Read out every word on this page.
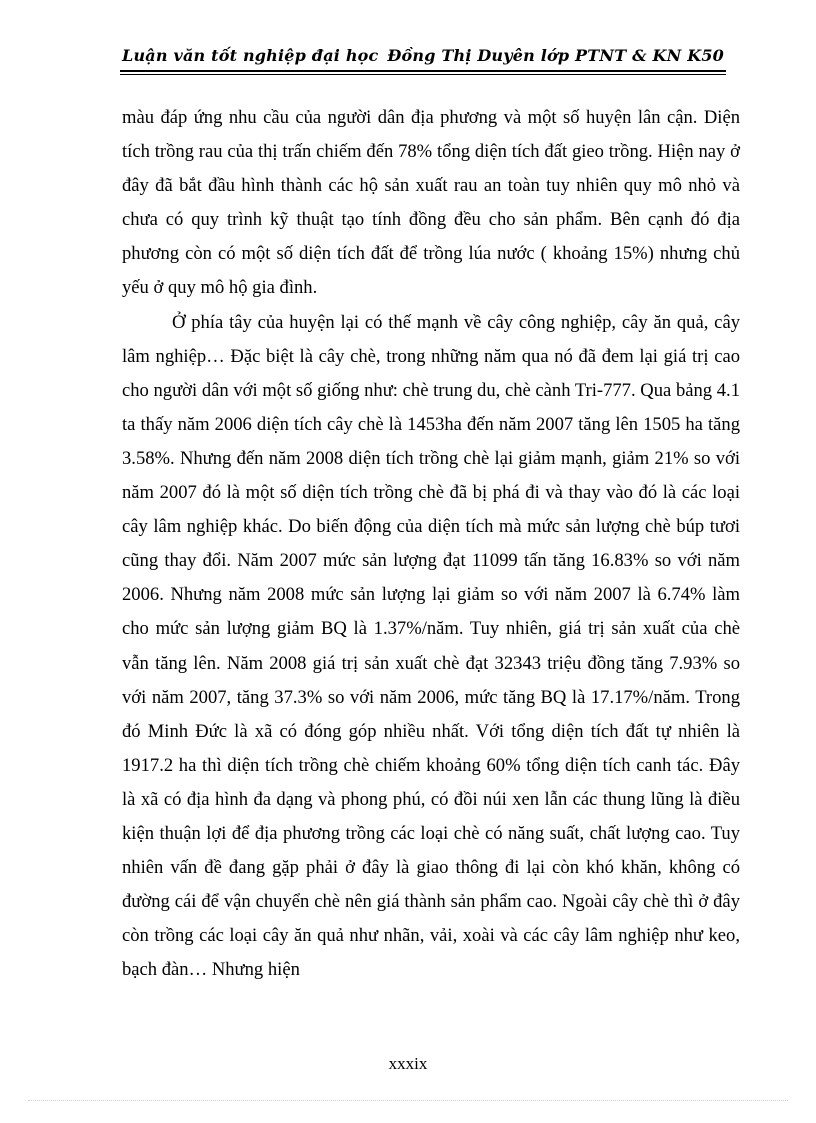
Luận văn tốt nghiệp đại học Đồng Thị Duyên lớp PTNT & KN K50

màu đáp ứng nhu cầu của người dân địa phương và một số huyện lân cận. Diện tích trồng rau của thị trấn chiếm đến 78% tổng diện tích đất gieo trồng. Hiện nay ở đây đã bắt đầu hình thành các hộ sản xuất rau an toàn tuy nhiên quy mô nhỏ và chưa có quy trình kỹ thuật tạo tính đồng đều cho sản phẩm. Bên cạnh đó địa phương còn có một số diện tích đất để trồng lúa nước ( khoảng 15%) nhưng chủ yếu ở quy mô hộ gia đình.

Ở phía tây của huyện lại có thế mạnh về cây công nghiệp, cây ăn quả, cây lâm nghiệp… Đặc biệt là cây chè, trong những năm qua nó đã đem lại giá trị cao cho người dân với một số giống như: chè trung du, chè cành Tri-777. Qua bảng 4.1 ta thấy năm 2006 diện tích cây chè là 1453ha đến năm 2007 tăng lên 1505 ha tăng 3.58%. Nhưng đến năm 2008 diện tích trồng chè lại giảm mạnh, giảm 21% so với năm 2007 đó là một số diện tích trồng chè đã bị phá đi và thay vào đó là các loại cây lâm nghiệp khác. Do biến động của diện tích mà mức sản lượng chè búp tươi cũng thay đổi. Năm 2007 mức sản lượng đạt 11099 tấn tăng 16.83% so với năm 2006. Nhưng năm 2008 mức sản lượng lại giảm so với năm 2007 là 6.74% làm cho mức sản lượng giảm BQ là 1.37%/năm. Tuy nhiên, giá trị sản xuất của chè vẫn tăng lên. Năm 2008 giá trị sản xuất chè đạt 32343 triệu đồng tăng 7.93% so với năm 2007, tăng 37.3% so với năm 2006, mức tăng BQ là 17.17%/năm. Trong đó Minh Đức là xã có đóng góp nhiều nhất. Với tổng diện tích đất tự nhiên là 1917.2 ha thì diện tích trồng chè chiếm khoảng 60% tổng diện tích canh tác. Đây là xã có địa hình đa dạng và phong phú, có đồi núi xen lẫn các thung lũng là điều kiện thuận lợi để địa phương trồng các loại chè có năng suất, chất lượng cao. Tuy nhiên vấn đề đang gặp phải ở đây là giao thông đi lại còn khó khăn, không có đường cái để vận chuyển chè nên giá thành sản phẩm cao. Ngoài cây chè thì ở đây còn trồng các loại cây ăn quả như nhãn, vải, xoài và các cây lâm nghiệp như keo, bạch đàn… Nhưng hiện

xxxix
